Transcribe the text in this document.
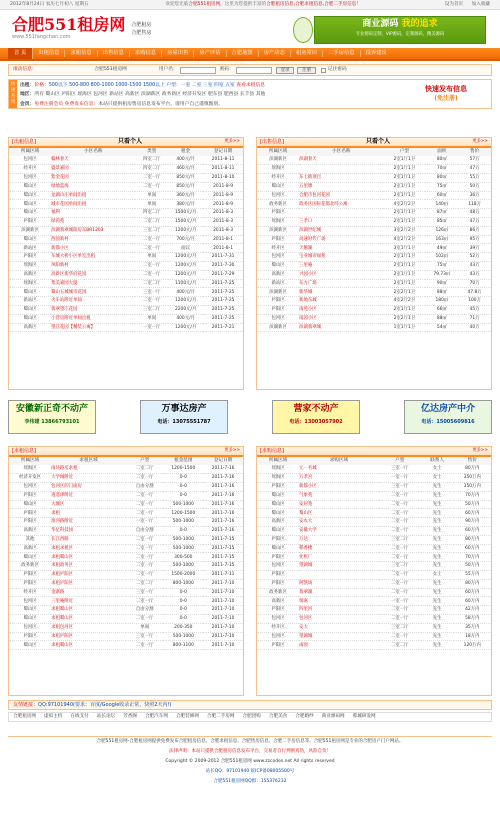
2012年8月24日 农历七月初八 星期五	欢迎您光临合肥551租房网，这里为您提供丰富的合肥租房信息,合肥求租信息,合肥二手房信息！	设为首页 加入收藏
合肥551租房网
www.551fangchan.com
合肥租房
合肥售房
商业源码 我的追求
专业源码定制，VIP源码，定制源码，精美源码
首 页	出租信息	求租信息	出售信息	求购信息	房屋出售	房产评估	合肥地图	房产动态	租房常识	二手房信息	投诉建议
滚动信息：	合肥551租房网	用户名：	密码：	登录	注册	记住密码
快速查询
出租：价格：500以下 500-800 800-1000 1000-1500 1500以上 户型：一室 二室 三室 四室 五室 查看求租信息
地区：所有 蜀山区 庐阳区 瑶海区 包河区 新站区 高新区 滨湖新区 政务新区 经济开发区 肥东县 肥西县 长丰县 其他
会员：免费注册会员 免费发布信息：本站只提供租房售房信息发布平台，请用户自己谨慎甄别。
快速发布信息
(免注册)
[出租信息]	只看个人	更多>>
所属区域	小区名称	类型	租金	登记日期
包河区	翰林春天	四室二厅	400元/月	2011-8-11
经开区	盛景嘉园	四室二厅	460元/月	2011-8-11
包河区	紫金花园	二室一厅	850元/月	2011-8-10
蜀山区	绿地蓝海	二室一厅	850元/月	2011-8-9
蜀山区	龙湖山庄单间出租	单间	360元/月	2011-8-9
蜀山区	城市花园单间出租	单间	380元/月	2011-8-9
蜀山区	福利	四室二厅	1500元/月	2011-8-3
庐阳区	绿茵苑	二室二厅	1500元/月	2011-8-3
滨湖新区	滨湖翡翠城阳房东BR1203	三室二厅	1200元/月	2011-8-3
蜀山区	西园新村	二室一厅	700元/月	2011-8-1
新站区	新都小区	二室一厅	面议	2011-8-1
庐阳区	车城大桥小区单室出租	单间	1200元/月	2011-7-31
瑶海区	凤阳新村	二室一厅	1200元/月	2011-7-30
高新区	高新区新华府花园	二室一厅	1200元/月	2011-7-29
瑶海区	集美嘉园大厦	二室二厅	1100元/月	2011-7-25
蜀山区	蜀山五城城市花园	三室一厅	400元/月	2011-7-25
新站区	火车站附近单间	二室一厅	1200元/月	2011-7-25
蜀山区	翡翠望江花园	三室二厅	2200元/月	2011-7-25
蜀山区	小营房附近单间出租	单间	400元/月	2011-7-25
高新区	望江花园【精装公寓】	一室一厅	1200元/月	2011-7-21
[出售信息]	只看个人	更多>>
所属区域	小区名称	户型	面积	售价
滨湖新区	滨湖春天	2室1厅1卫	80㎡	57万
瑶海区		2室1厅1卫	70㎡	47万
经开区	东七街项目	2室1厅1卫	80㎡	55万
蜀山区	五里墩	2室1厅1卫	75㎡	50万
包河区	合肥市包河花园	2室1厅1卫	60㎡	36万
政务新区	政务区国际花都北纬公寓	4室2厅2卫	140㎡	118万
庐阳区		2室1厅1卫	87㎡	48万
瑶海区	三孝口	2室1厅1卫	85㎡	47万
滨湖新区	滨湖世纪城	3室2厅2卫	126㎡	86万
庐阳区	高速时代广场	4室2厅2卫	163㎡	95万
经开区	天鹅湖	3室1厅1卫	49㎡	39万
包河区	宝业城市绿苑	2室1厅1卫	102㎡	52万
蜀山区	三里庵	2室1厅1卫	75㎡	43万
高新区	兴园小区	2室1厅1卫	79.73㎡	43万
新站区	东方广场	2室1厅1卫	90㎡	70万
滨湖新区	新华城	2室2厅1卫	88㎡	47.8万
庐阳区	新地东城	4室2厅2卫	180㎡	100万
庐阳区	南苑小区	2室1厅1卫	66㎡	45万
包河区	南园小区	2室2厅1卫	88㎡	71万
滨湖新区	滨湖翡翠城	1室1厅1卫	54㎡	40万
安徽新正奇不动产
李伟建 13866793101
万事达房产
电话：13075551787
营家不动产
电话：13003057902
亿达房产中介
电话：15005609816
[求租信息]	更多>>
所属区域	求租区域	户型	租金范围	登记日期
瑶海区	南环路房求租	二室二厅	1200-1500	2011-7-16
经济开发区	大学城附近	二室一厅	0-0	2011-7-16
包河区	包河区的门面房	自由分割	0-0	2011-7-16
庐阳区	逍遥津附近	二室一厅	0-0	2011-7-16
蜀山区	大城区	二室一厅	500-1000	2011-7-16
庐阳区	求租	二室一厅	1200-1500	2011-7-16
庐阳区	淮河路附近	一室一厅	500-1000	2011-7-16
高新区	华亿科技园	自由分割	0-0	2011-7-16
其他	长江西路	二室一厅	500-1000	2011-7-15
高新区	求租求租区	二室一厅	500-1000	2011-7-15
蜀山区	求租蜀山区	二室一厅	300-500	2011-7-15
政务新区	求租政务区	二室一厅	500-1000	2011-7-15
庐阳区	求租庐阳区	二室一厅	1500-2000	2011-7-11
庐阳区	求租庐阳区	二室二厅	800-1000	2011-7-10
经开区	金寨路	三室一厅	0-0	2011-7-10
包河区	三里庵附近	二室一厅	0-0	2011-7-10
蜀山区	求租蜀山区	自由分割	0-0	2011-7-10
蜀山区	求租蜀山区	二室一厅	0-0	2011-7-10
包河区	求租包河区	单间	200-350	2011-7-10
庐阳区	求租庐阳区	三室一厅	500-1000	2011-7-10
蜀山区	求租蜀山区	二室一厅	800-1100	2011-7-10
[求购信息]	更多>>
所属区域	求购区域	户型	联系人	售价
瑶海区	元一名城	三室一厅	女士	80万内
瑶海区	万孝宫	一室一厅	女士	350万内
庐阳区	新都小区	三室一厅	先生	350万内
蜀山区	气象苑	二室一厅	先生	70万内
蜀山区	安居苑	二室一厅	先生	50万内
蜀山区	蜀山区	二室一厅	先生	60万内
高新区	安农大	二室一厅	先生	90万内
蜀山区	安徽大学	二室一厅	先生	60万内
庐阳区	万达	三室二厅	先生	80万内
蜀山区	稻香楼	二室一厅	先生	60万内
庐阳区	化机厂	二室一厅	先生	70万内
包河区	望湖城	三室二厅	先生	50万内
庐阳区		二室一厅	女士	55万内
庐阳区	阿凯场	二室一厅	先生	80万内
政务新区	翡翠湖	二室一厅	先生	60万内
高新区	瑞嘉	一室一厅	先生	60万内
庐阳区	四里河	二室一厅	先生	42万内
包河区	包河区	二室一厅	先生	58万内
经开区	安大	三室二厅	先生	35万内
包河区	望湖城	二室一厅	先生	18万内
庐阳区	南园	二室二厅	先生	120万内
友情链接： QQ:97101940 (要求：百度/Google收录正常，快照2天内!)
合肥租房网 虚拟主机 在线支付 站长论坛 芳香阁 合肥汽车网 合肥装修网 合肥二手房网 合肥团购 合肥美食 合肥婚纱 商业源码网 蓉城研发网
合肥551租房网-合肥租房网提供免费发布合肥租房信息、合肥求租信息、合肥售房信息、合肥二手房信息等。合肥551租房网是专业的合肥房产门户网站。
法律声明：本站只提供合肥租房信息发布平台，交易者自行判断真伪，风险自负！
Copyright © 2009-2012 合肥551租房网 www.zzcodes.net All rights reserved
站长QQ：97101940 皖ICP备08005500号
合肥551租房网QQ群：155376232
